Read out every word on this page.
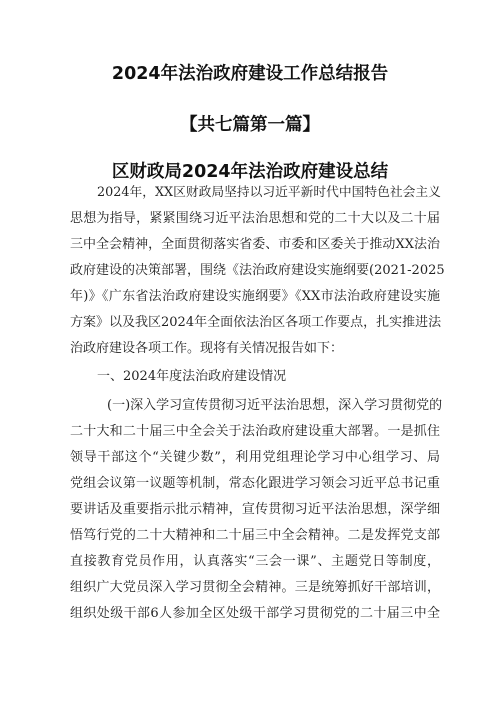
2024年法治政府建设工作总结报告
【共七篇第一篇】
区财政局2024年法治政府建设总结
2024年，XX区财政局坚持以习近平新时代中国特色社会主义
思想为指导，紧紧围绕习近平法治思想和党的二十大以及二十届
三中全会精神，全面贯彻落实省委、市委和区委关于推动XX法治
政府建设的决策部署，围绕《法治政府建设实施纲要(2021-2025
年)》《广东省法治政府建设实施纲要》《XX市法治政府建设实施
方案》以及我区2024年全面依法治区各项工作要点，扎实推进法
治政府建设各项工作。现将有关情况报告如下：
一、2024年度法治政府建设情况
(一)深入学习宣传贯彻习近平法治思想，深入学习贯彻党的
二十大和二十届三中全会关于法治政府建设重大部署。一是抓住
领导干部这个“关键少数”，利用党组理论学习中心组学习、局
党组会议第一议题等机制，常态化跟进学习领会习近平总书记重
要讲话及重要指示批示精神，宣传贯彻习近平法治思想，深学细
悟笃行党的二十大精神和二十届三中全会精神。二是发挥党支部
直接教育党员作用，认真落实“三会一课”、主题党日等制度，
组织广大党员深入学习贯彻全会精神。三是统筹抓好干部培训，
组织处级干部6人参加全区处级干部学习贯彻党的二十届三中全
